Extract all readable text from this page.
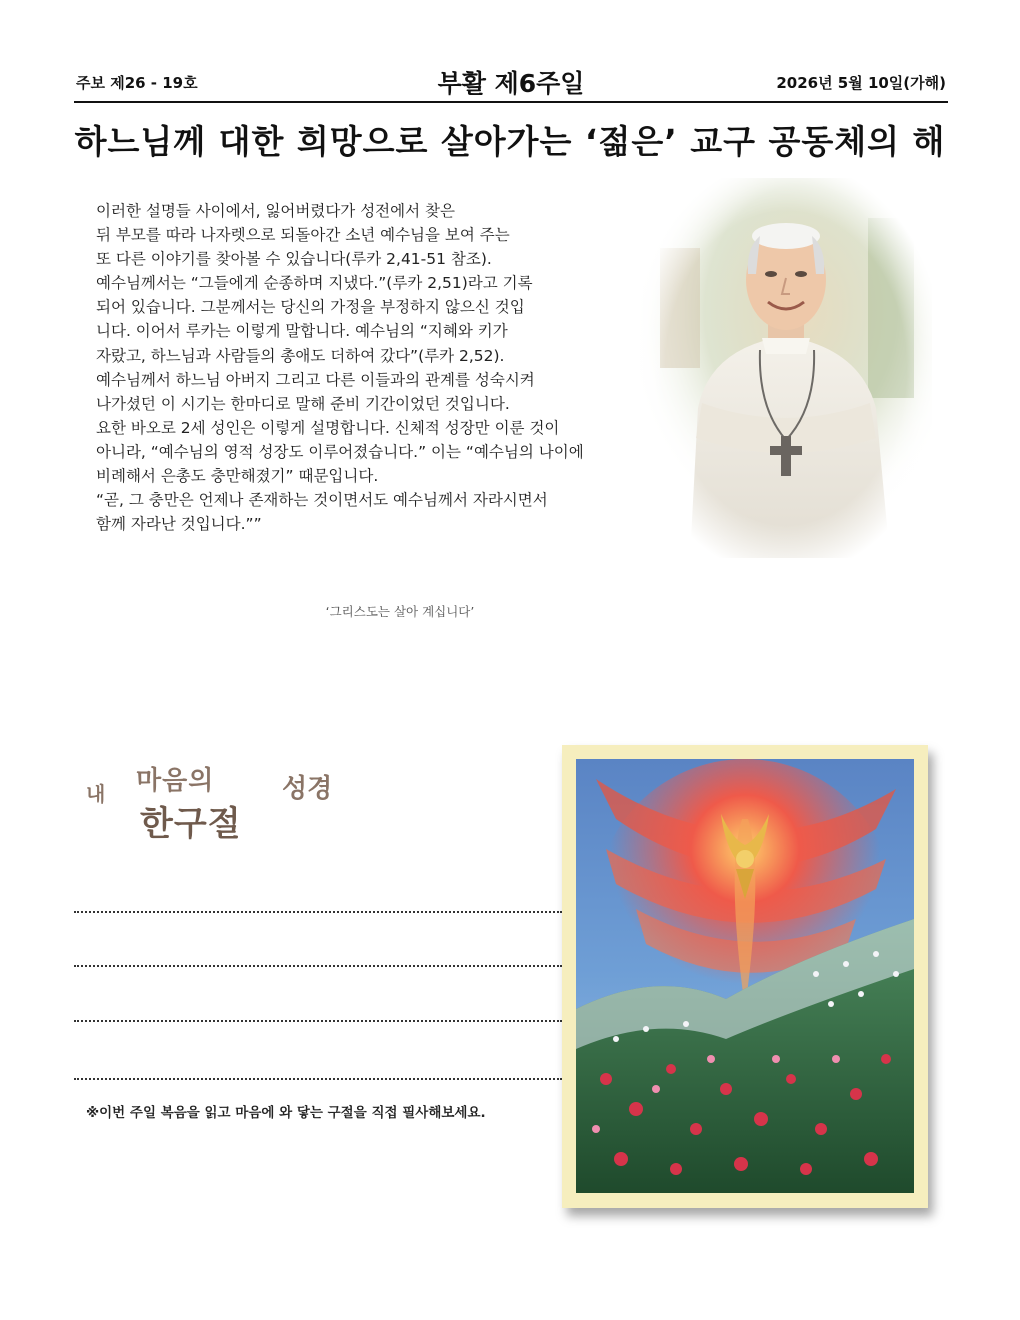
주보 제26 - 19호	부활 제6주일	2026년 5월 10일(가해)
하느님께 대한 희망으로 살아가는 ‘젊은’ 교구 공동체의 해
이러한 설명들 사이에서, 잃어버렸다가 성전에서 찾은
뒤 부모를 따라 나자렛으로 되돌아간 소년 예수님을 보여 주는
또 다른 이야기를 찾아볼 수 있습니다(루카 2,41-51 참조).
예수님께서는 “그들에게 순종하며 지냈다.”(루카 2,51)라고 기록
되어 있습니다. 그분께서는 당신의 가정을 부정하지 않으신 것입
니다. 이어서 루카는 이렇게 말합니다. 예수님의 “지혜와 키가
자랐고, 하느님과 사람들의 총애도 더하여 갔다”(루카 2,52).
예수님께서 하느님 아버지 그리고 다른 이들과의 관계를 성숙시켜
나가셨던 이 시기는 한마디로 말해 준비 기간이었던 것입니다.
요한 바오로 2세 성인은 이렇게 설명합니다. 신체적 성장만 이룬 것이
아니라, “예수님의 영적 성장도 이루어졌습니다.” 이는 “예수님의 나이에
비례해서 은총도 충만해졌기” 때문입니다.
“곧, 그 충만은 언제나 존재하는 것이면서도 예수님께서 자라시면서
함께 자라난 것입니다.””
‘그리스도는 살아 계십니다’
내 마음의	성경
한구절
※이번 주일 복음을 읽고 마음에 와 닿는 구절을 직접 필사해보세요.
